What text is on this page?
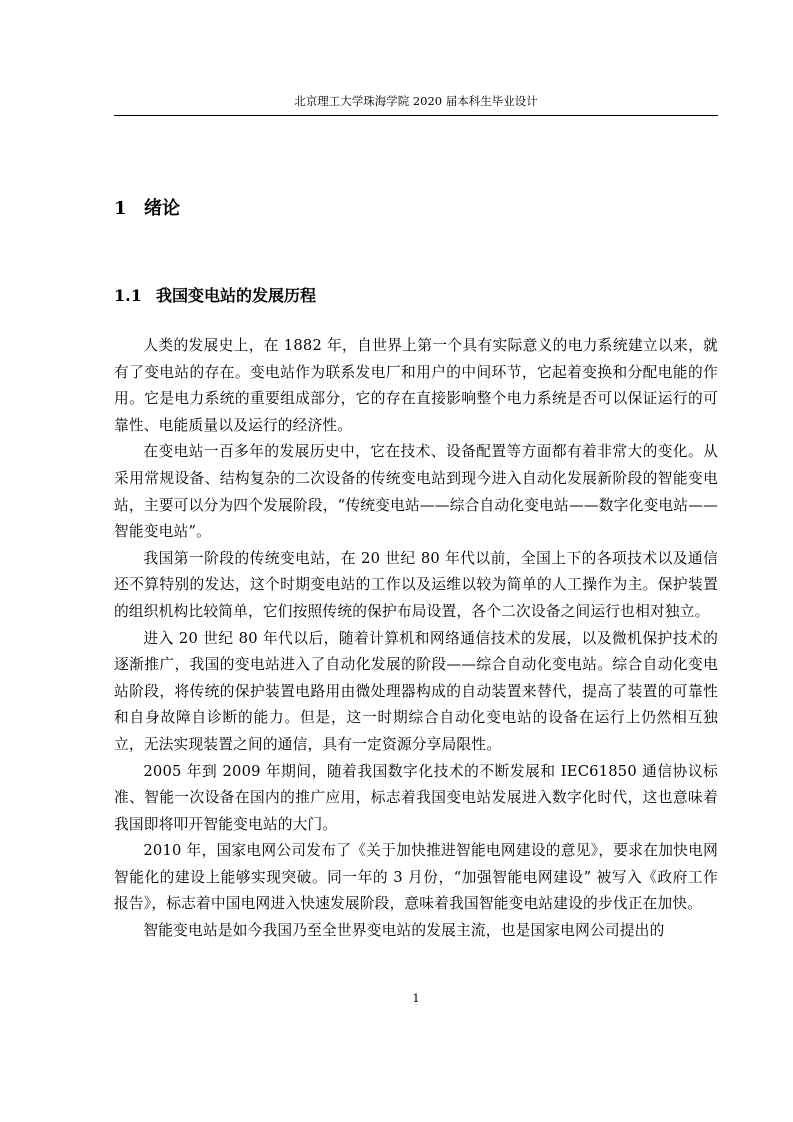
北京理工大学珠海学院 2020 届本科生毕业设计
1 绪论
1.1 我国变电站的发展历程

人类的发展史上，在 1882 年，自世界上第一个具有实际意义的电力系统建立以来，就有了变电站的存在。变电站作为联系发电厂和用户的中间环节，它起着变换和分配电能的作用。它是电力系统的重要组成部分，它的存在直接影响整个电力系统是否可以保证运行的可靠性、电能质量以及运行的经济性。

在变电站一百多年的发展历史中，它在技术、设备配置等方面都有着非常大的变化。从采用常规设备、结构复杂的二次设备的传统变电站到现今进入自动化发展新阶段的智能变电站，主要可以分为四个发展阶段，“传统变电站——综合自动化变电站——数字化变电站——智能变电站”。

我国第一阶段的传统变电站，在 20 世纪 80 年代以前，全国上下的各项技术以及通信还不算特别的发达，这个时期变电站的工作以及运维以较为简单的人工操作为主。保护装置的组织机构比较简单，它们按照传统的保护布局设置，各个二次设备之间运行也相对独立。

进入 20 世纪 80 年代以后，随着计算机和网络通信技术的发展，以及微机保护技术的逐渐推广，我国的变电站进入了自动化发展的阶段——综合自动化变电站。综合自动化变电站阶段，将传统的保护装置电路用由微处理器构成的自动装置来替代，提高了装置的可靠性和自身故障自诊断的能力。但是，这一时期综合自动化变电站的设备在运行上仍然相互独立，无法实现装置之间的通信，具有一定资源分享局限性。

2005 年到 2009 年期间，随着我国数字化技术的不断发展和 IEC61850 通信协议标准、智能一次设备在国内的推广应用，标志着我国变电站发展进入数字化时代，这也意味着我国即将叩开智能变电站的大门。

2010 年，国家电网公司发布了《关于加快推进智能电网建设的意见》，要求在加快电网智能化的建设上能够实现突破。同一年的 3 月份，“加强智能电网建设” 被写入《政府工作报告》，标志着中国电网进入快速发展阶段，意味着我国智能变电站建设的步伐正在加快。

智能变电站是如今我国乃至全世界变电站的发展主流，也是国家电网公司提出的

1
